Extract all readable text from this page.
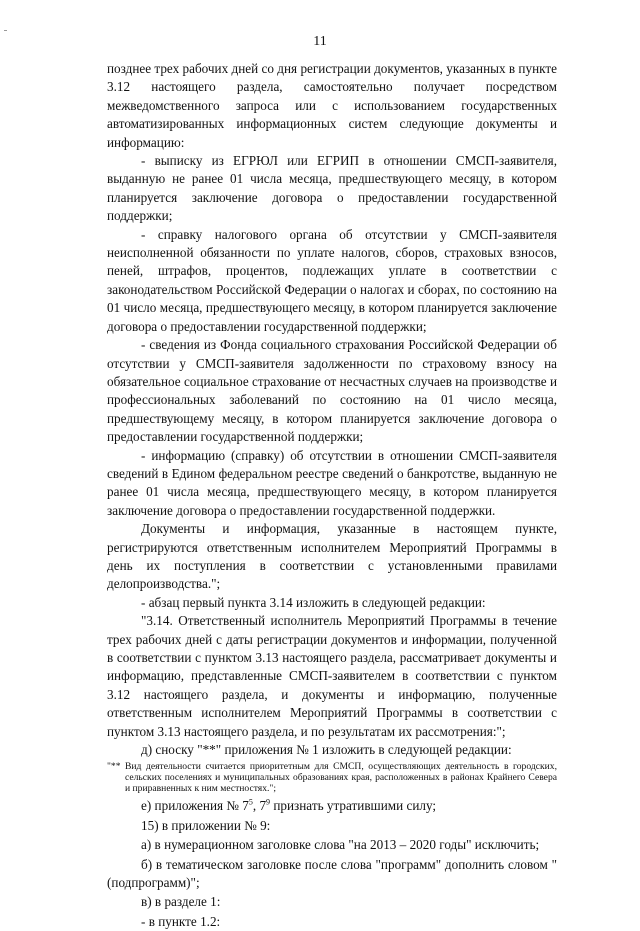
11

позднее трех рабочих дней со дня регистрации документов, указанных в пункте 3.12 настоящего раздела, самостоятельно получает посредством межведомственного запроса или с использованием государственных автоматизированных информационных систем следующие документы и информацию:

- выписку из ЕГРЮЛ или ЕГРИП в отношении СМСП-заявителя, выданную не ранее 01 числа месяца, предшествующего месяцу, в котором планируется заключение договора о предоставлении государственной поддержки;

- справку налогового органа об отсутствии у СМСП-заявителя неисполненной обязанности по уплате налогов, сборов, страховых взносов, пеней, штрафов, процентов, подлежащих уплате в соответствии с законодательством Российской Федерации о налогах и сборах, по состоянию на 01 число месяца, предшествующего месяцу, в котором планируется заключение договора о предоставлении государственной поддержки;

- сведения из Фонда социального страхования Российской Федерации об отсутствии у СМСП-заявителя задолженности по страховому взносу на обязательное социальное страхование от несчастных случаев на производстве и профессиональных заболеваний по состоянию на 01 число месяца, предшествующему месяцу, в котором планируется заключение договора о предоставлении государственной поддержки;

- информацию (справку) об отсутствии в отношении СМСП-заявителя сведений в Едином федеральном реестре сведений о банкротстве, выданную не ранее 01 числа месяца, предшествующего месяцу, в котором планируется заключение договора о предоставлении государственной поддержки.

Документы и информация, указанные в настоящем пункте, регистрируются ответственным исполнителем Мероприятий Программы в день их поступления в соответствии с установленными правилами делопроизводства.";

- абзац первый пункта 3.14 изложить в следующей редакции:

"3.14. Ответственный исполнитель Мероприятий Программы в течение трех рабочих дней с даты регистрации документов и информации, полученной в соответствии с пунктом 3.13 настоящего раздела, рассматривает документы и информацию, представленные СМСП-заявителем в соответствии с пунктом 3.12 настоящего раздела, и документы и информацию, полученные ответственным исполнителем Мероприятий Программы в соответствии с пунктом 3.13 настоящего раздела, и по результатам их рассмотрения:";

д) сноску "**" приложения № 1 изложить в следующей редакции:

"** Вид деятельности считается приоритетным для СМСП, осуществляющих деятельность в городских, сельских поселениях и муниципальных образованиях края, расположенных в районах Крайнего Севера и приравненных к ним местностях.";

е) приложения № $7^5$, $7^9$ признать утратившими силу;

15) в приложении № 9:

а) в нумерационном заголовке слова "на 2013 – 2020 годы" исключить;

б) в тематическом заголовке после слова "программ" дополнить словом "(подпрограмм)";

в) в разделе 1:

- в пункте 1.2:
